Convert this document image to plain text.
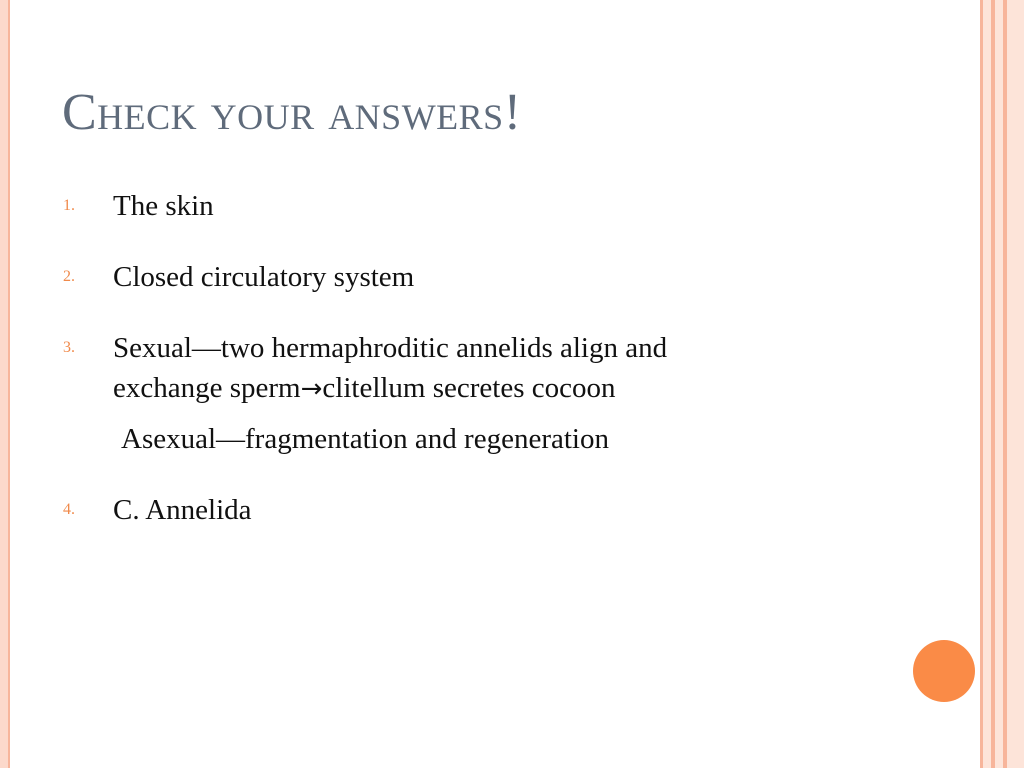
Check your answers!
1. The skin
2. Closed circulatory system
3. Sexual—two hermaphroditic annelids align and
exchange sperm→clitellum secretes cocoon
Asexual—fragmentation and regeneration
4. C. Annelida
